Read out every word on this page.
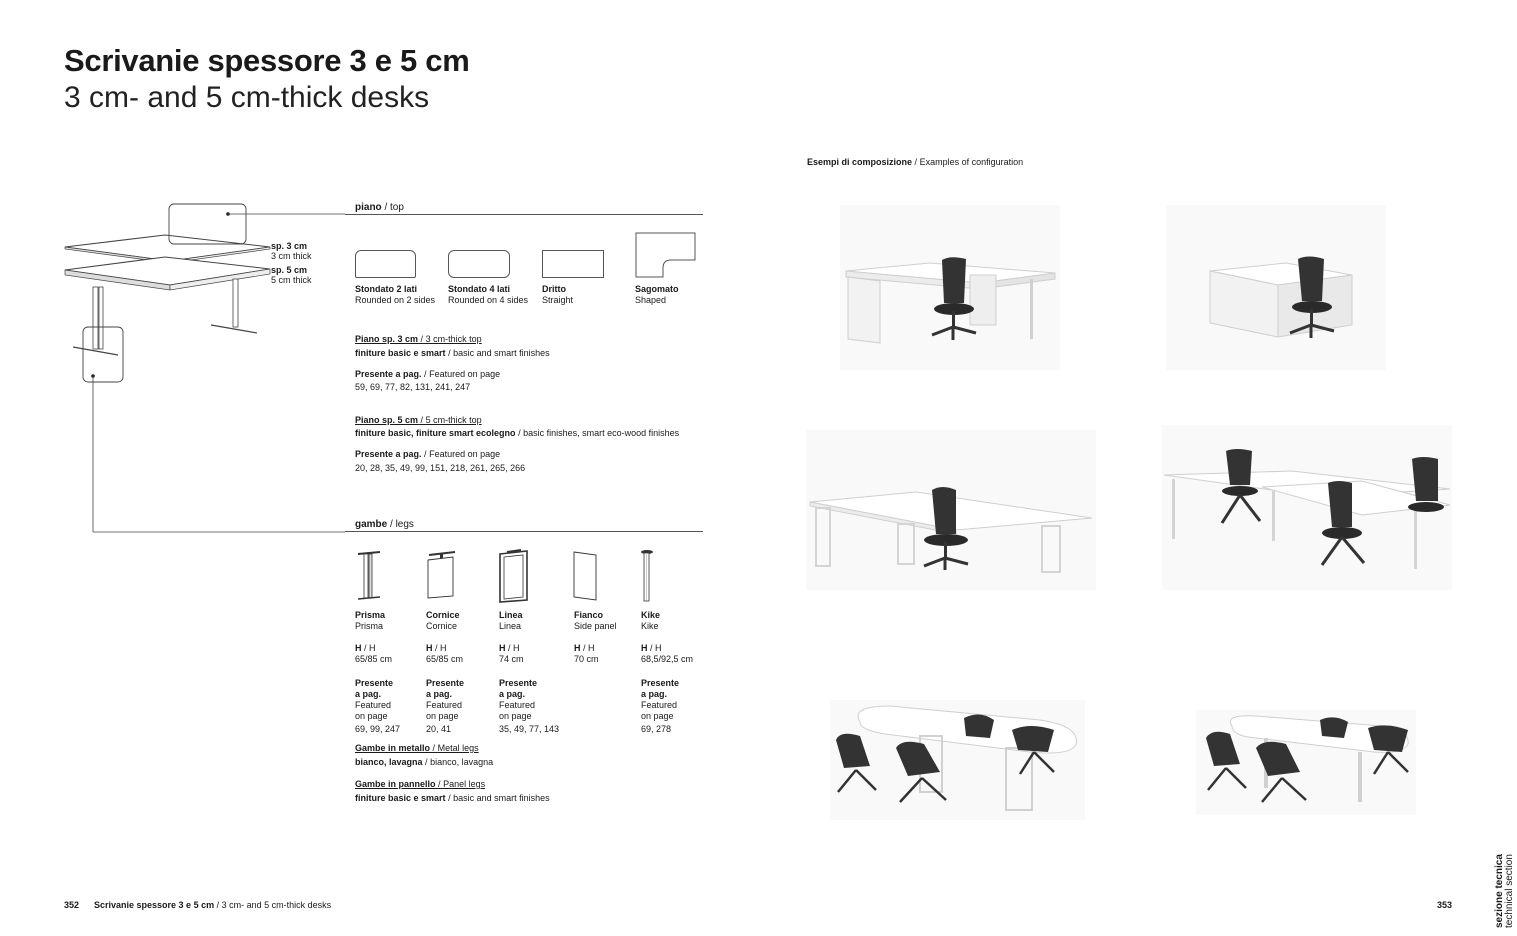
Scrivanie spessore 3 e 5 cm
3 cm- and 5 cm-thick desks
sp. 3 cm
3 cm thick
sp. 5 cm
5 cm thick
piano / top
Stondato 2 lati
Rounded on 2 sides
Stondato 4 lati
Rounded on 4 sides
Dritto
Straight
Sagomato
Shaped
Piano sp. 3 cm / 3 cm-thick top
finiture basic e smart / basic and smart finishes
Presente a pag. / Featured on page
59, 69, 77, 82, 131, 241, 247
Piano sp. 5 cm / 5 cm-thick top
finiture basic, finiture smart ecolegno / basic finishes, smart eco-wood finishes
Presente a pag. / Featured on page
20, 28, 35, 49, 99, 151, 218, 261, 265, 266
gambe / legs
Prisma
Prisma
H / H
65/85 cm
Presente
a pag.
Featured
on page
69, 99, 247
Cornice
Cornice
H / H
65/85 cm
Presente
a pag.
Featured
on page
20, 41
Linea
Linea
H / H
74 cm
Presente
a pag.
Featured
on page
35, 49, 77, 143
Fianco
Side panel
H / H
70 cm
Kike
Kike
H / H
68,5/92,5 cm
Presente
a pag.
Featured
on page
69, 278
Gambe in metallo / Metal legs
bianco, lavagna / bianco, lavagna
Gambe in pannello / Panel legs
finiture basic e smart / basic and smart finishes
Esempi di composizione / Examples of configuration
352 Scrivanie spessore 3 e 5 cm / 3 cm- and 5 cm-thick desks	353	sezione tecnica technical section
